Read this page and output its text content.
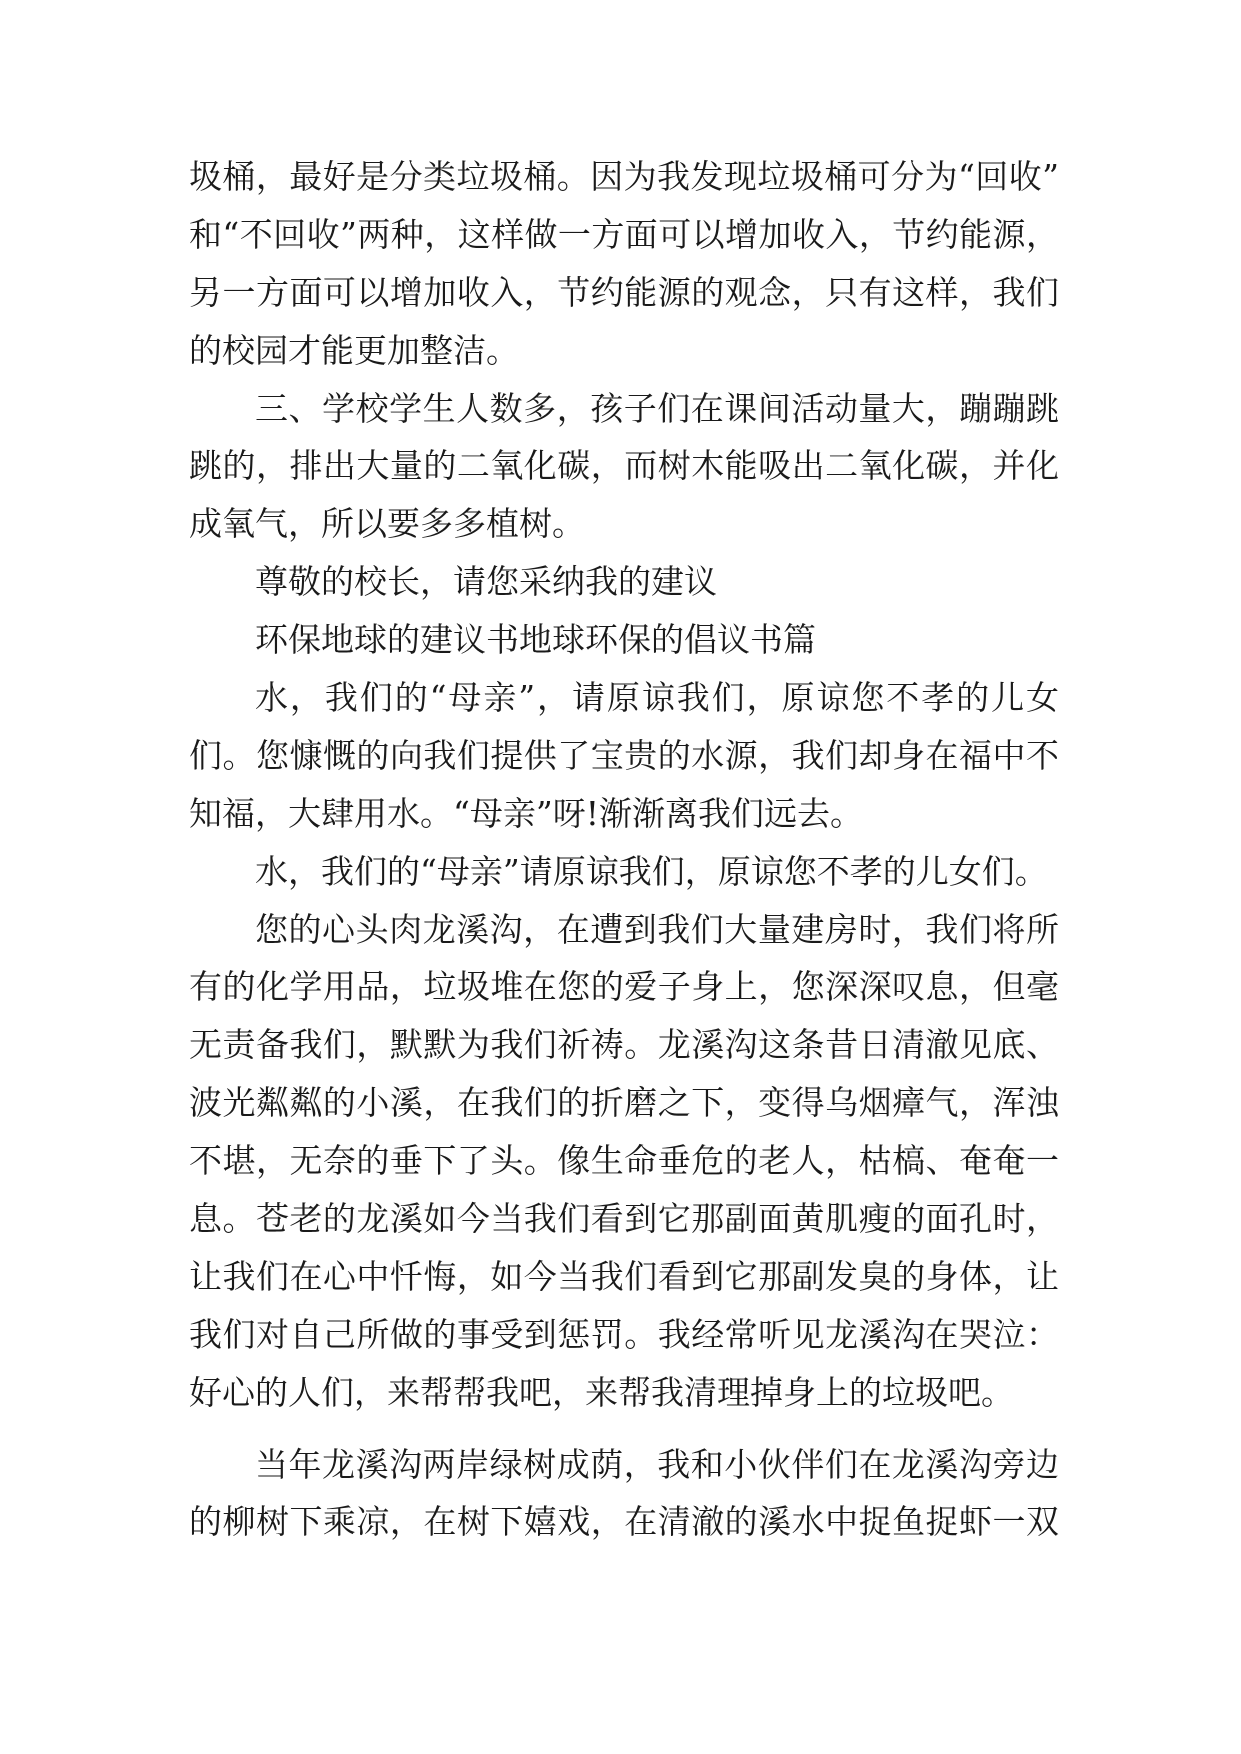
圾桶，最好是分类垃圾桶。因为我发现垃圾桶可分为“回收”
和“不回收”两种，这样做一方面可以增加收入，节约能源，
另一方面可以增加收入，节约能源的观念，只有这样，我们
的校园才能更加整洁。
三、学校学生人数多，孩子们在课间活动量大，蹦蹦跳
跳的，排出大量的二氧化碳，而树木能吸出二氧化碳，并化
成氧气，所以要多多植树。
尊敬的校长，请您采纳我的建议
环保地球的建议书地球环保的倡议书篇
水，我们的“母亲”，请原谅我们，原谅您不孝的儿女
们。您慷慨的向我们提供了宝贵的水源，我们却身在福中不
知福，大肆用水。“母亲”呀!渐渐离我们远去。
水，我们的“母亲”请原谅我们，原谅您不孝的儿女们。
您的心头肉龙溪沟，在遭到我们大量建房时，我们将所
有的化学用品，垃圾堆在您的爱子身上，您深深叹息，但毫
无责备我们，默默为我们祈祷。龙溪沟这条昔日清澈见底、
波光粼粼的小溪，在我们的折磨之下，变得乌烟瘴气，浑浊
不堪，无奈的垂下了头。像生命垂危的老人，枯槁、奄奄一
息。苍老的龙溪如今当我们看到它那副面黄肌瘦的面孔时，
让我们在心中忏悔，如今当我们看到它那副发臭的身体，让
我们对自己所做的事受到惩罚。我经常听见龙溪沟在哭泣：
好心的人们，来帮帮我吧，来帮我清理掉身上的垃圾吧。
当年龙溪沟两岸绿树成荫，我和小伙伴们在龙溪沟旁边
的柳树下乘凉，在树下嬉戏，在清澈的溪水中捉鱼捉虾一双
